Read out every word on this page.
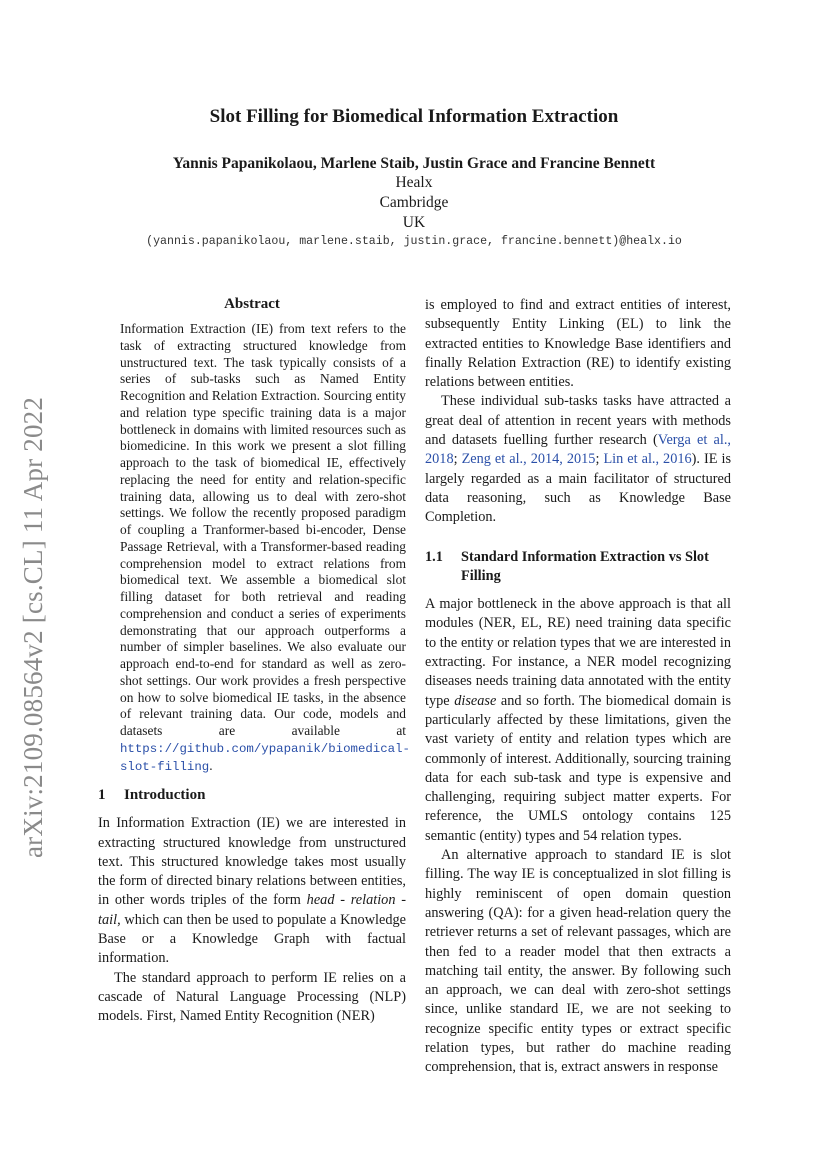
arXiv:2109.08564v2 [cs.CL] 11 Apr 2022
Slot Filling for Biomedical Information Extraction
Yannis Papanikolaou, Marlene Staib, Justin Grace and Francine Bennett
Healx
Cambridge
UK
(yannis.papanikolaou, marlene.staib, justin.grace, francine.bennett)@healx.io
Abstract

Information Extraction (IE) from text refers to the task of extracting structured knowledge from unstructured text. The task typically consists of a series of sub-tasks such as Named Entity Recognition and Relation Extraction. Sourcing entity and relation type specific training data is a major bottleneck in domains with limited resources such as biomedicine. In this work we present a slot filling approach to the task of biomedical IE, effectively replacing the need for entity and relation-specific training data, allowing us to deal with zero-shot settings. We follow the recently proposed paradigm of coupling a Tranformer-based bi-encoder, Dense Passage Retrieval, with a Transformer-based reading comprehension model to extract relations from biomedical text. We assemble a biomedical slot filling dataset for both retrieval and reading comprehension and conduct a series of experiments demonstrating that our approach outperforms a number of simpler baselines. We also evaluate our approach end-to-end for standard as well as zero-shot settings. Our work provides a fresh perspective on how to solve biomedical IE tasks, in the absence of relevant training data. Our code, models and datasets are available at https://github.com/ypapanik/biomedical-slot-filling.

1	Introduction

In Information Extraction (IE) we are interested in extracting structured knowledge from unstructured text. This structured knowledge takes most usually the form of directed binary relations between entities, in other words triples of the form head - relation - tail, which can then be used to populate a Knowledge Base or a Knowledge Graph with factual information.

The standard approach to perform IE relies on a cascade of Natural Language Processing (NLP) models. First, Named Entity Recognition (NER)

is employed to find and extract entities of interest, subsequently Entity Linking (EL) to link the extracted entities to Knowledge Base identifiers and finally Relation Extraction (RE) to identify existing relations between entities.

These individual sub-tasks tasks have attracted a great deal of attention in recent years with methods and datasets fuelling further research (Verga et al., 2018; Zeng et al., 2014, 2015; Lin et al., 2016). IE is largely regarded as a main facilitator of structured data reasoning, such as Knowledge Base Completion.

1.1	Standard Information Extraction vs Slot Filling

A major bottleneck in the above approach is that all modules (NER, EL, RE) need training data specific to the entity or relation types that we are interested in extracting. For instance, a NER model recognizing diseases needs training data annotated with the entity type disease and so forth. The biomedical domain is particularly affected by these limitations, given the vast variety of entity and relation types which are commonly of interest. Additionally, sourcing training data for each sub-task and type is expensive and challenging, requiring subject matter experts. For reference, the UMLS ontology contains 125 semantic (entity) types and 54 relation types.

An alternative approach to standard IE is slot filling. The way IE is conceptualized in slot filling is highly reminiscent of open domain question answering (QA): for a given head-relation query the retriever returns a set of relevant passages, which are then fed to a reader model that then extracts a matching tail entity, the answer. By following such an approach, we can deal with zero-shot settings since, unlike standard IE, we are not seeking to recognize specific entity types or extract specific relation types, but rather do machine reading comprehension, that is, extract answers in response
